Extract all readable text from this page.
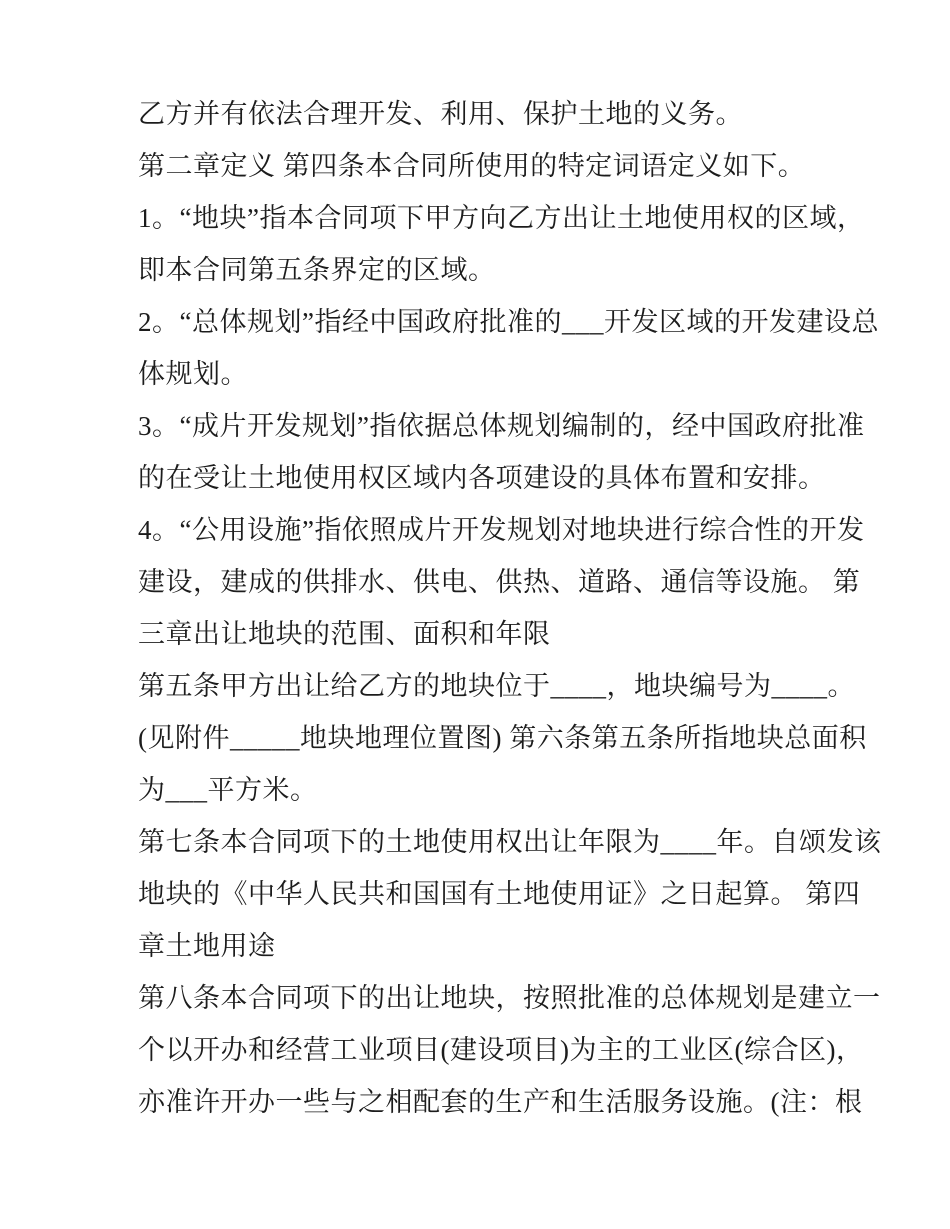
乙方并有依法合理开发、利用、保护土地的义务。
第二章定义 第四条本合同所使用的特定词语定义如下。
1。“地块”指本合同项下甲方向乙方出让土地使用权的区域，
即本合同第五条界定的区域。
2。“总体规划”指经中国政府批准的___开发区域的开发建设总
体规划。
3。“成片开发规划”指依据总体规划编制的，经中国政府批准
的在受让土地使用权区域内各项建设的具体布置和安排。
4。“公用设施”指依照成片开发规划对地块进行综合性的开发
建设，建成的供排水、供电、供热、道路、通信等设施。 第
三章出让地块的范围、面积和年限
第五条甲方出让给乙方的地块位于____，地块编号为____。
(见附件_____地块地理位置图) 第六条第五条所指地块总面积
为___平方米。
第七条本合同项下的土地使用权出让年限为____年。自颂发该
地块的《中华人民共和国国有土地使用证》之日起算。 第四
章土地用途
第八条本合同项下的出让地块，按照批准的总体规划是建立一
个以开办和经营工业项目(建设项目)为主的工业区(综合区)，
亦准许开办一些与之相配套的生产和生活服务设施。(注：根
